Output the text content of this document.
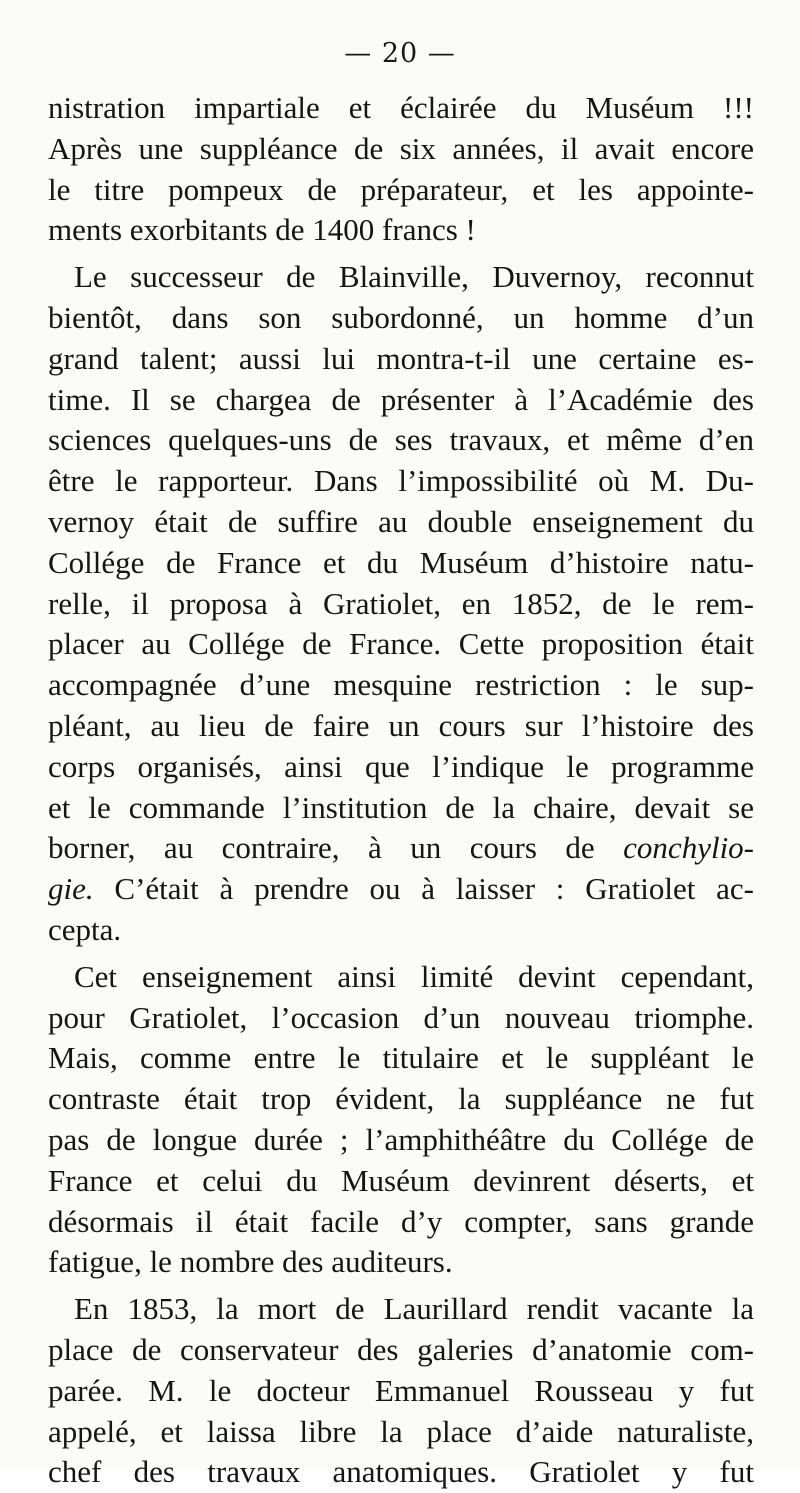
— 20 —
nistration impartiale et éclairée du Muséum !!!
Après une suppléance de six années, il avait encore
le titre pompeux de préparateur, et les appointe-
ments exorbitants de 1400 francs !
Le successeur de Blainville, Duvernoy, reconnut
bientôt, dans son subordonné, un homme d’un
grand talent; aussi lui montra-t-il une certaine es-
time. Il se chargea de présenter à l’Académie des
sciences quelques-uns de ses travaux, et même d’en
être le rapporteur. Dans l’impossibilité où M. Du-
vernoy était de suffire au double enseignement du
Collége de France et du Muséum d’histoire natu-
relle, il proposa à Gratiolet, en 1852, de le rem-
placer au Collége de France. Cette proposition était
accompagnée d’une mesquine restriction : le sup-
pléant, au lieu de faire un cours sur l’histoire des
corps organisés, ainsi que l’indique le programme
et le commande l’institution de la chaire, devait se
borner, au contraire, à un cours de conchylio-
gie. C’était à prendre ou à laisser : Gratiolet ac-
cepta.
Cet enseignement ainsi limité devint cependant,
pour Gratiolet, l’occasion d’un nouveau triomphe.
Mais, comme entre le titulaire et le suppléant le
contraste était trop évident, la suppléance ne fut
pas de longue durée ; l’amphithéâtre du Collége de
France et celui du Muséum devinrent déserts, et
désormais il était facile d’y compter, sans grande
fatigue, le nombre des auditeurs.
En 1853, la mort de Laurillard rendit vacante la
place de conservateur des galeries d’anatomie com-
parée. M. le docteur Emmanuel Rousseau y fut
appelé, et laissa libre la place d’aide naturaliste,
chef des travaux anatomiques. Gratiolet y fut
